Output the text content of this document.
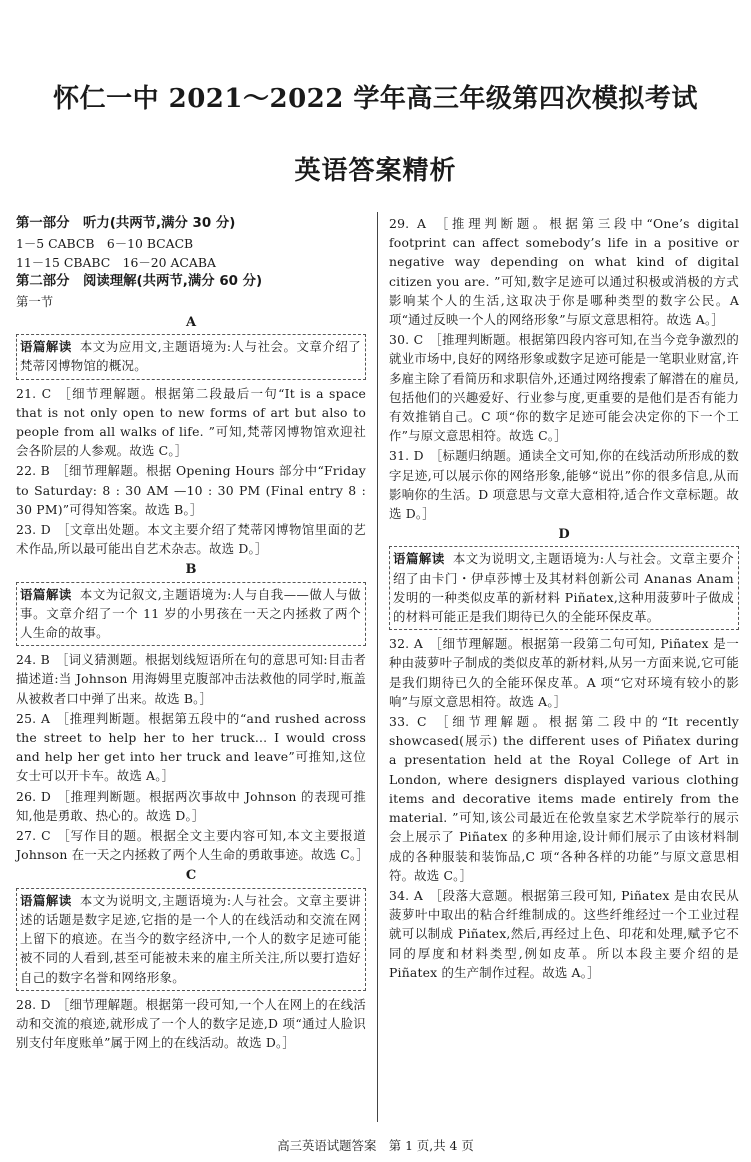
怀仁一中 2021～2022 学年高三年级第四次模拟考试
英语答案精析
第一部分　听力(共两节,满分 30 分)
1－5 CABCB　6－10 BCACB
11－15 CBABC　16－20 ACABA
第二部分　阅读理解(共两节,满分 60 分)
第一节
A
语篇解读 本文为应用文,主题语境为:人与社会。文章介绍了梵蒂冈博物馆的概况。
21. C ［细节理解题。根据第二段最后一句“It is a space that is not only open to new forms of art but also to people from all walks of life. ”可知,梵蒂冈博物馆欢迎社会各阶层的人参观。故选 C。］
22. B ［细节理解题。根据 Opening Hours 部分中“Friday to Saturday: 8 : 30 AM —10 : 30 PM (Final entry 8 : 30 PM)”可得知答案。故选 B。］
23. D ［文章出处题。本文主要介绍了梵蒂冈博物馆里面的艺术作品,所以最可能出自艺术杂志。故选 D。］
B
语篇解读 本文为记叙文,主题语境为:人与自我——做人与做事。文章介绍了一个 11 岁的小男孩在一天之内拯救了两个人生命的故事。
24. B ［词义猜测题。根据划线短语所在句的意思可知:目击者描述道:当 Johnson 用海姆里克腹部冲击法救他的同学时,瓶盖从被救者口中弹了出来。故选 B。］
25. A ［推理判断题。根据第五段中的“and rushed across the street to help her to her truck... I would cross and help her get into her truck and leave”可推知,这位女士可以开卡车。故选 A。］
26. D ［推理判断题。根据两次事故中 Johnson 的表现可推知,他是勇敢、热心的。故选 D。］
27. C ［写作目的题。根据全文主要内容可知,本文主要报道 Johnson 在一天之内拯救了两个人生命的勇敢事迹。故选 C。］
C
语篇解读 本文为说明文,主题语境为:人与社会。文章主要讲述的话题是数字足迹,它指的是一个人的在线活动和交流在网上留下的痕迹。在当今的数字经济中,一个人的数字足迹可能被不同的人看到,甚至可能被未来的雇主所关注,所以要打造好自己的数字名誉和网络形象。
28. D ［细节理解题。根据第一段可知,一个人在网上的在线活动和交流的痕迹,就形成了一个人的数字足迹,D 项“通过人脸识别支付年度账单”属于网上的在线活动。故选 D。］
29. A ［推理判断题。根据第三段中“One’s digital footprint can affect somebody’s life in a positive or negative way depending on what kind of digital citizen you are. ”可知,数字足迹可以通过积极或消极的方式影响某个人的生活,这取决于你是哪种类型的数字公民。A 项“通过反映一个人的网络形象”与原文意思相符。故选 A。］
30. C ［推理判断题。根据第四段内容可知,在当今竞争激烈的就业市场中,良好的网络形象或数字足迹可能是一笔职业财富,许多雇主除了看简历和求职信外,还通过网络搜索了解潜在的雇员,包括他们的兴趣爱好、行业参与度,更重要的是他们是否有能力有效推销自己。C 项“你的数字足迹可能会决定你的下一个工作”与原文意思相符。故选 C。］
31. D ［标题归纳题。通读全文可知,你的在线活动所形成的数字足迹,可以展示你的网络形象,能够“说出”你的很多信息,从而影响你的生活。D 项意思与文章大意相符,适合作文章标题。故选 D。］
D
语篇解读 本文为说明文,主题语境为:人与社会。文章主要介绍了由卡门・伊卓莎博士及其材料创新公司 Ananas Anam 发明的一种类似皮革的新材料 Piñatex,这种用菠萝叶子做成的材料可能正是我们期待已久的全能环保皮革。
32. A ［细节理解题。根据第一段第二句可知, Piñatex 是一种由菠萝叶子制成的类似皮革的新材料,从另一方面来说,它可能是我们期待已久的全能环保皮革。A 项“它对环境有较小的影响”与原文意思相符。故选 A。］
33. C ［细节理解题。根据第二段中的“It recently showcased(展示) the different uses of Piñatex during a presentation held at the Royal College of Art in London, where designers displayed various clothing items and decorative items made entirely from the material. ”可知,该公司最近在伦敦皇家艺术学院举行的展示会上展示了 Piñatex 的多种用途,设计师们展示了由该材料制成的各种服装和装饰品,C 项“各种各样的功能”与原文意思相符。故选 C。］
34. A ［段落大意题。根据第三段可知, Piñatex 是由农民从菠萝叶中取出的粘合纤维制成的。这些纤维经过一个工业过程就可以制成 Piñatex,然后,再经过上色、印花和处理,赋予它不同的厚度和材料类型,例如皮革。所以本段主要介绍的是 Piñatex 的生产制作过程。故选 A。］
高三英语试题答案　第 1 页,共 4 页
